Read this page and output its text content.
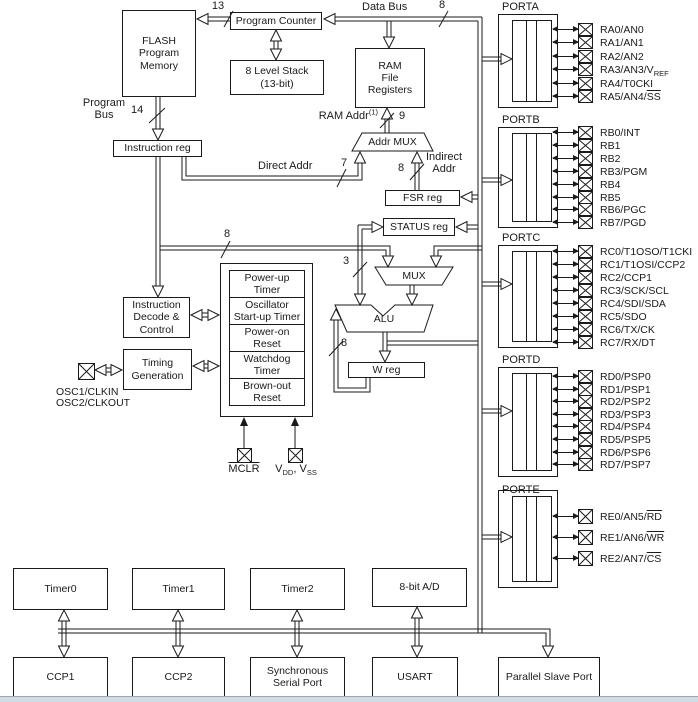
FLASH
Program
Memory
Program Counter
8 Level Stack
(13-bit)
RAM
File
Registers
FSR reg
STATUS reg
Instruction reg
W reg
Instruction
Decode &
Control
Timing
Generation
Addr MUX
MUX
ALU
Power-up
Timer
Oscillator
Start-up Timer
Power-on
Reset
Watchdog
Timer
Brown-out
Reset
Timer0	Timer1	Timer2	8-bit A/D
CCP1	CCP2
Synchronous
Serial Port
USART	Parallel Slave Port
13	Data Bus	8
Program
Bus	14	RAM Addr$^{(1)}$ 9
Direct Addr	7	Indirect
Addr
8
8
3
8
OSC1/CLKIN
OSC2/CLKOUT
MCLR	$V_{DD}$, $V_{SS}$
PORTA
RA0/AN0
RA1/AN1
RA2/AN2
$RA3/AN3/V_{REF}$
RA4/T0CKI
$RA5/AN4/\overline{SS}$
PORTB
RB0/INT
RB1
RB2
RB3/PGM
RB4
RB5
RB6/PGC
RB7/PGD
PORTC
RC0/T1OSO/T1CKI
RC1/T1OSI/CCP2
RC2/CCP1
RC3/SCK/SCL
RC4/SDI/SDA
RC5/SDO
RC6/TX/CK
RC7/RX/DT
PORTD
RD0/PSP0
RD1/PSP1
RD2/PSP2
RD3/PSP3
RD4/PSP4
RD5/PSP5
RD6/PSP6
RD7/PSP7
PORTE
$RE0/AN5/\overline{RD}$
$RE1/AN6/\overline{WR}$
$RE2/AN7/\overline{CS}$
